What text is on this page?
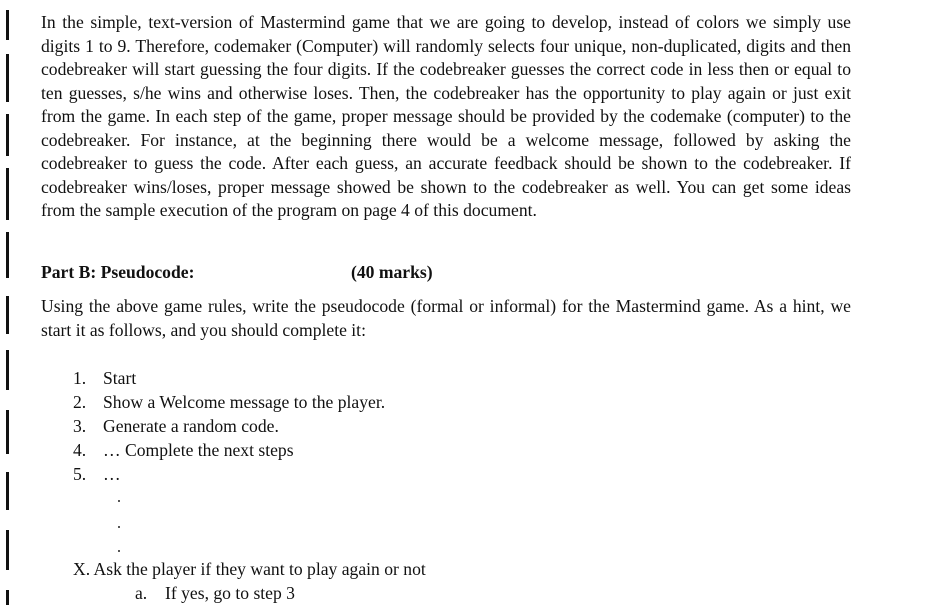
In the simple, text-version of Mastermind game that we are going to develop, instead of colors we simply use digits 1 to 9. Therefore, codemaker (Computer) will randomly selects four unique, non-duplicated, digits and then codebreaker will start guessing the four digits. If the codebreaker guesses the correct code in less then or equal to ten guesses, s/he wins and otherwise loses. Then, the codebreaker has the opportunity to play again or just exit from the game. In each step of the game, proper message should be provided by the codemake (computer) to the codebreaker. For instance, at the beginning there would be a welcome message, followed by asking the codebreaker to guess the code. After each guess, an accurate feedback should be shown to the codebreaker. If codebreaker wins/loses, proper message showed be shown to the codebreaker as well. You can get some ideas from the sample execution of the program on page 4 of this document.

Part B: Pseudocode:	(40 marks)

Using the above game rules, write the pseudocode (formal or informal) for the Mastermind game. As a hint, we start it as follows, and you should complete it:

1. Start
2. Show a Welcome message to the player.
3. Generate a random code.
4. … Complete the next steps
5. …
X. Ask the player if they want to play again or not
a. If yes, go to step 3
